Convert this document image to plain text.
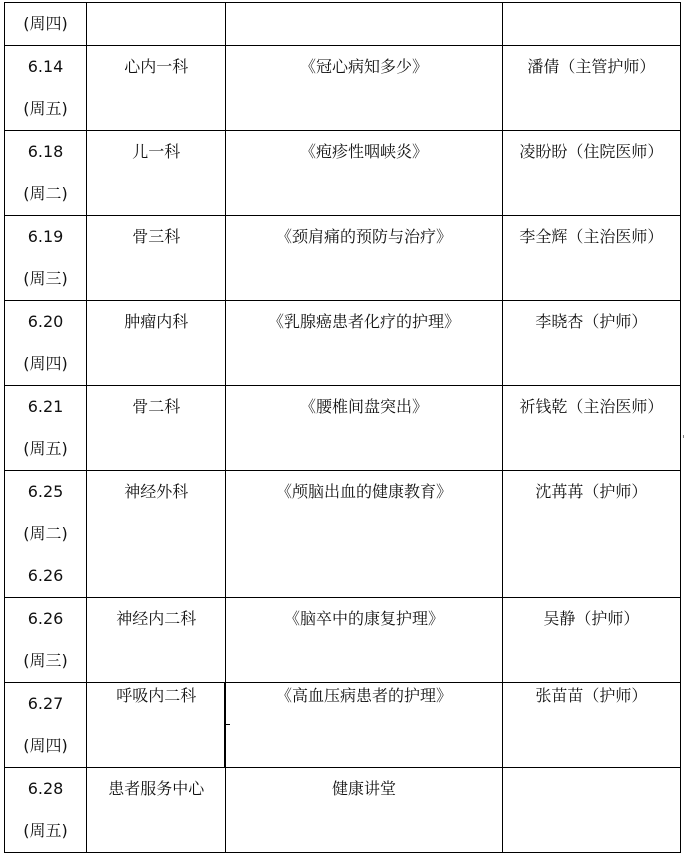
(周四)			

6.14
(周五)	心内一科	《冠心病知多少》	潘倩（主管护师）

6.18
(周二)	儿一科	《疱疹性咽峡炎》	凌盼盼（住院医师）

6.19
(周三)	骨三科	《颈肩痛的预防与治疗》	李全辉（主治医师）

6.20
(周四)	肿瘤内科	《乳腺癌患者化疗的护理》	李晓杏（护师）

6.21
(周五)	骨二科	《腰椎间盘突出》	祈钱乾（主治医师）

6.25
(周二)
6.26	神经外科	《颅脑出血的健康教育》	沈苒苒（护师）

6.26
(周三)	神经内二科	《脑卒中的康复护理》	吴静（护师）

6.27
(周四)	呼吸内二科	《高血压病患者的护理》	张苗苗（护师）

6.28
(周五)	患者服务中心	健康讲堂	
